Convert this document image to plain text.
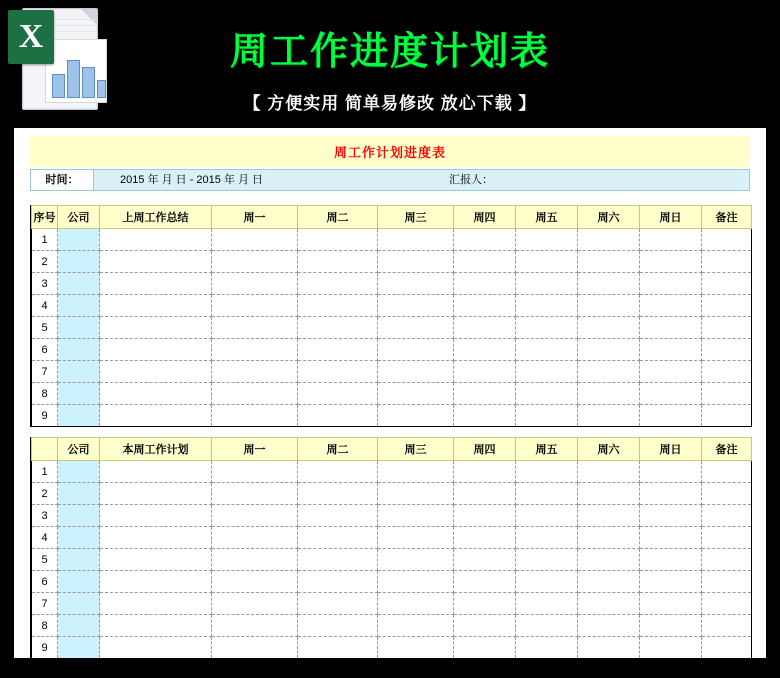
X	周工作进度计划表
【 方便实用 简单易修改 放心下载 】
周工作计划进度表
时间：	2015 年 月 日 - 2015 年 月 日	汇报人：
序号	公司	上周工作总结	周一	周二	周三	周四	周五	周六	周日	备注
1										
2										
3										
4										
5										
6										
7										
8										
9										
	公司	本周工作计划	周一	周二	周三	周四	周五	周六	周日	备注
1										
2										
3										
4										
5										
6										
7										
8										
9										
